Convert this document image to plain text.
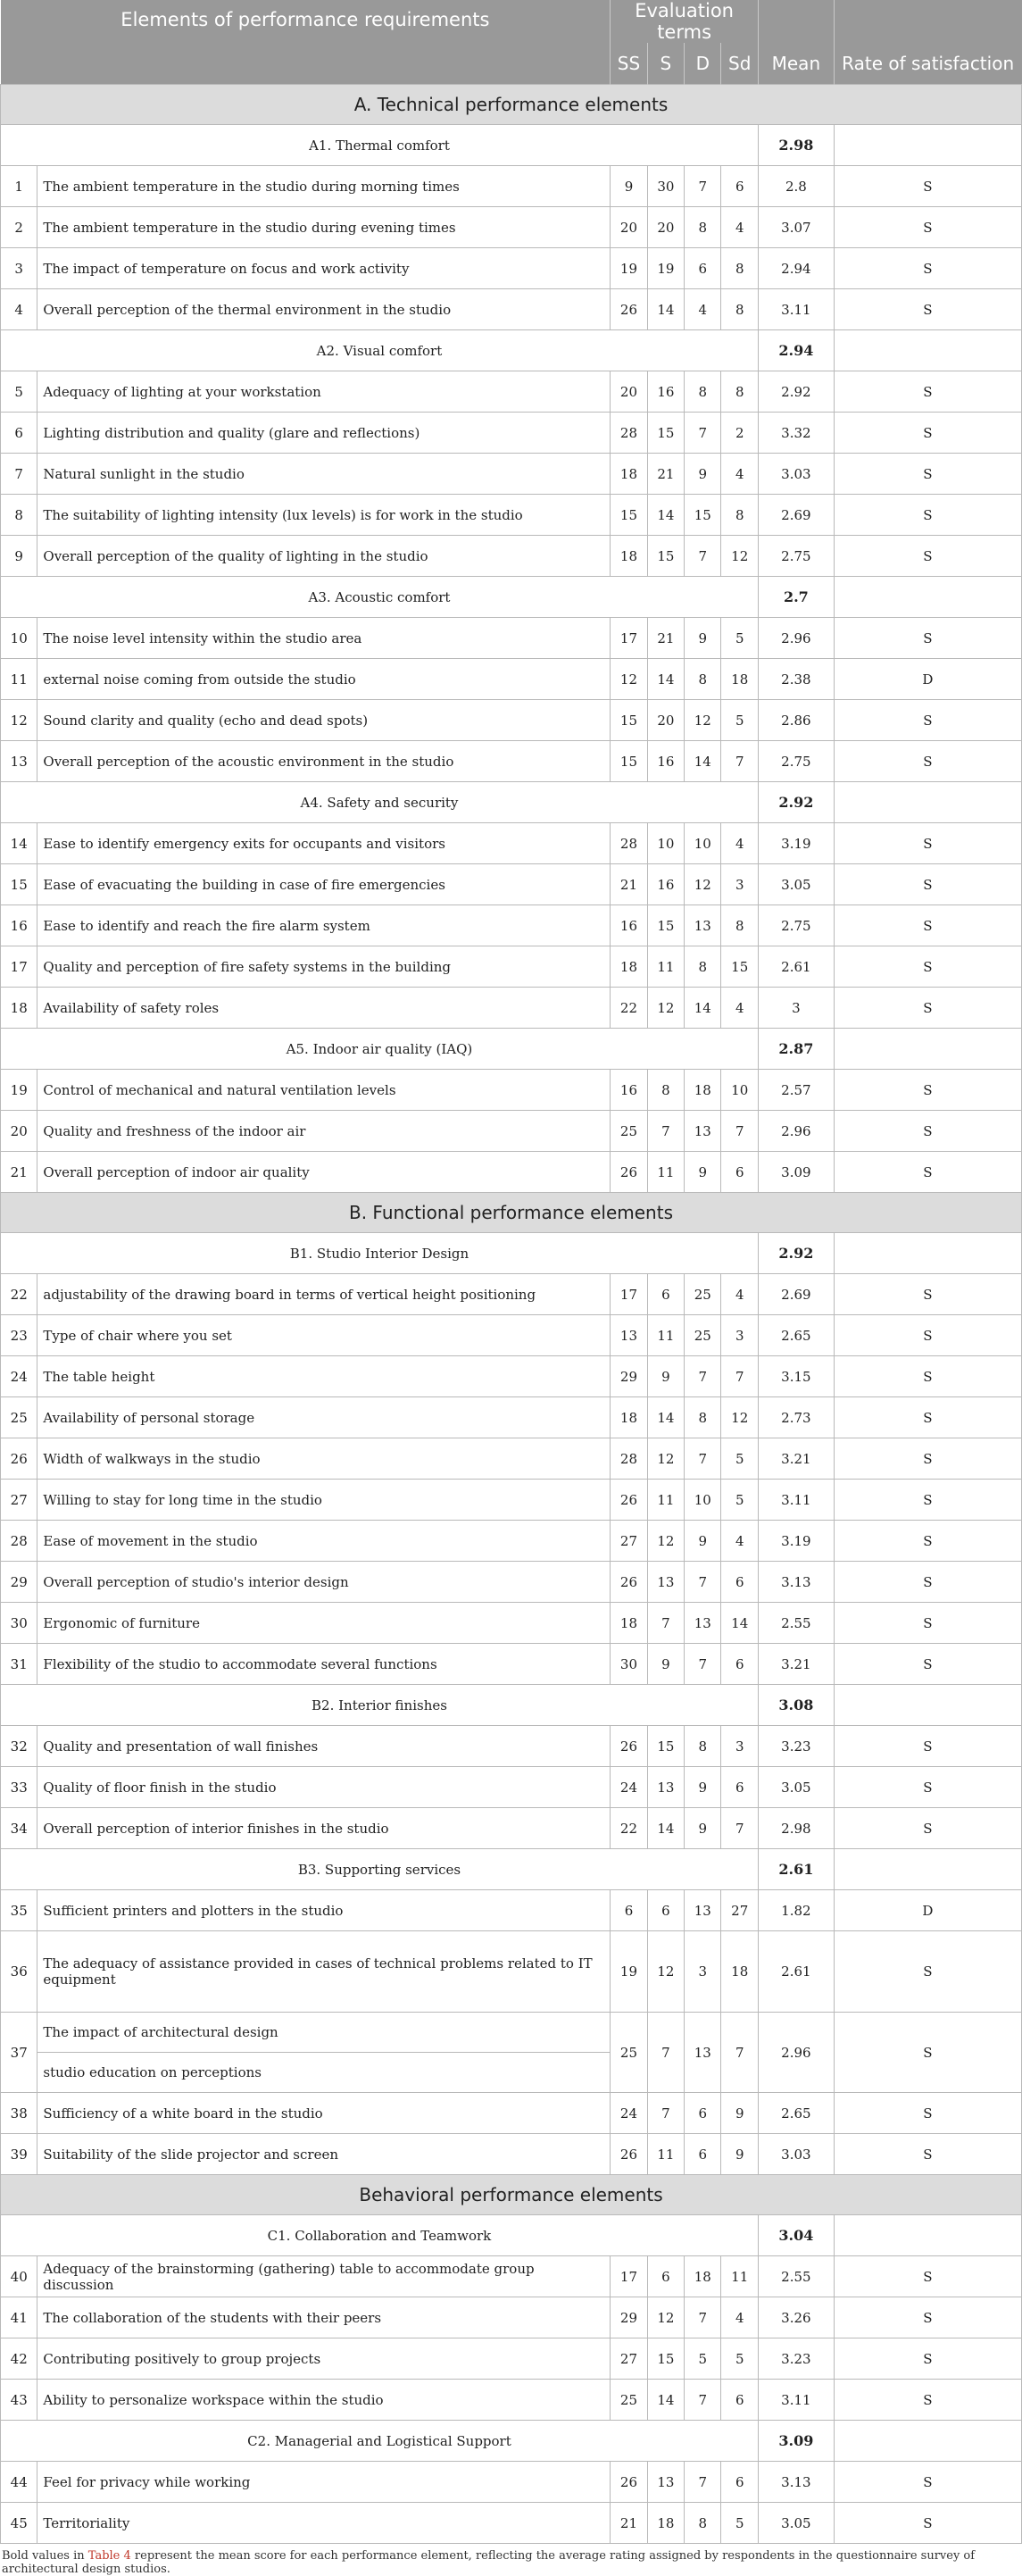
Elements of performance requirements		Evaluation terms					
		SS	S	D	Sd	Mean	Rate of satisfaction
A. Technical performance elements							
A1. Thermal comfort						2.98	
1	The ambient temperature in the studio during morning times	9	30	7	6	2.8	S
2	The ambient temperature in the studio during evening times	20	20	8	4	3.07	S
3	The impact of temperature on focus and work activity	19	19	6	8	2.94	S
4	Overall perception of the thermal environment in the studio	26	14	4	8	3.11	S
A2. Visual comfort						2.94	
5	Adequacy of lighting at your workstation	20	16	8	8	2.92	S
6	Lighting distribution and quality (glare and reflections)	28	15	7	2	3.32	S
7	Natural sunlight in the studio	18	21	9	4	3.03	S
8	The suitability of lighting intensity (lux levels) is for work in the studio	15	14	15	8	2.69	S
9	Overall perception of the quality of lighting in the studio	18	15	7	12	2.75	S
A3. Acoustic comfort						2.7	
10	The noise level intensity within the studio area	17	21	9	5	2.96	S
11	external noise coming from outside the studio	12	14	8	18	2.38	D
12	Sound clarity and quality (echo and dead spots)	15	20	12	5	2.86	S
13	Overall perception of the acoustic environment in the studio	15	16	14	7	2.75	S
A4. Safety and security						2.92	
14	Ease to identify emergency exits for occupants and visitors	28	10	10	4	3.19	S
15	Ease of evacuating the building in case of fire emergencies	21	16	12	3	3.05	S
16	Ease to identify and reach the fire alarm system	16	15	13	8	2.75	S
17	Quality and perception of fire safety systems in the building	18	11	8	15	2.61	S
18	Availability of safety roles	22	12	14	4	3	S
A5. Indoor air quality (IAQ)						2.87	
19	Control of mechanical and natural ventilation levels	16	8	18	10	2.57	S
20	Quality and freshness of the indoor air	25	7	13	7	2.96	S
21	Overall perception of indoor air quality	26	11	9	6	3.09	S
B. Functional performance elements							
B1. Studio Interior Design						2.92	
22	adjustability of the drawing board in terms of vertical height positioning	17	6	25	4	2.69	S
23	Type of chair where you set	13	11	25	3	2.65	S
24	The table height	29	9	7	7	3.15	S
25	Availability of personal storage	18	14	8	12	2.73	S
26	Width of walkways in the studio	28	12	7	5	3.21	S
27	Willing to stay for long time in the studio	26	11	10	5	3.11	S
28	Ease of movement in the studio	27	12	9	4	3.19	S
29	Overall perception of studio's interior design	26	13	7	6	3.13	S
30	Ergonomic of furniture	18	7	13	14	2.55	S
31	Flexibility of the studio to accommodate several functions	30	9	7	6	3.21	S
B2. Interior finishes						3.08	
32	Quality and presentation of wall finishes	26	15	8	3	3.23	S
33	Quality of floor finish in the studio	24	13	9	6	3.05	S
34	Overall perception of interior finishes in the studio	22	14	9	7	2.98	S
B3. Supporting services						2.61	
35	Sufficient printers and plotters in the studio	6	6	13	27	1.82	D
36	The adequacy of assistance provided in cases of technical problems related to IT equipment	19	12	3	18	2.61	S
37	The impact of architectural design
studio education on perceptions	25	7	13	7	2.96	S
38	Sufficiency of a white board in the studio	24	7	6	9	2.65	S
39	Suitability of the slide projector and screen	26	11	6	9	3.03	S
Behavioral performance elements							
C1. Collaboration and Teamwork						3.04	
40	Adequacy of the brainstorming (gathering) table to accommodate group discussion	17	6	18	11	2.55	S
41	The collaboration of the students with their peers	29	12	7	4	3.26	S
42	Contributing positively to group projects	27	15	5	5	3.23	S
43	Ability to personalize workspace within the studio	25	14	7	6	3.11	S
C2. Managerial and Logistical Support						3.09	
44	Feel for privacy while working	26	13	7	6	3.13	S
45	Territoriality	21	18	8	5	3.05	S
Bold values in Table 4 represent the mean score for each performance element, reflecting the average rating assigned by respondents in the questionnaire survey of architectural design studios.
